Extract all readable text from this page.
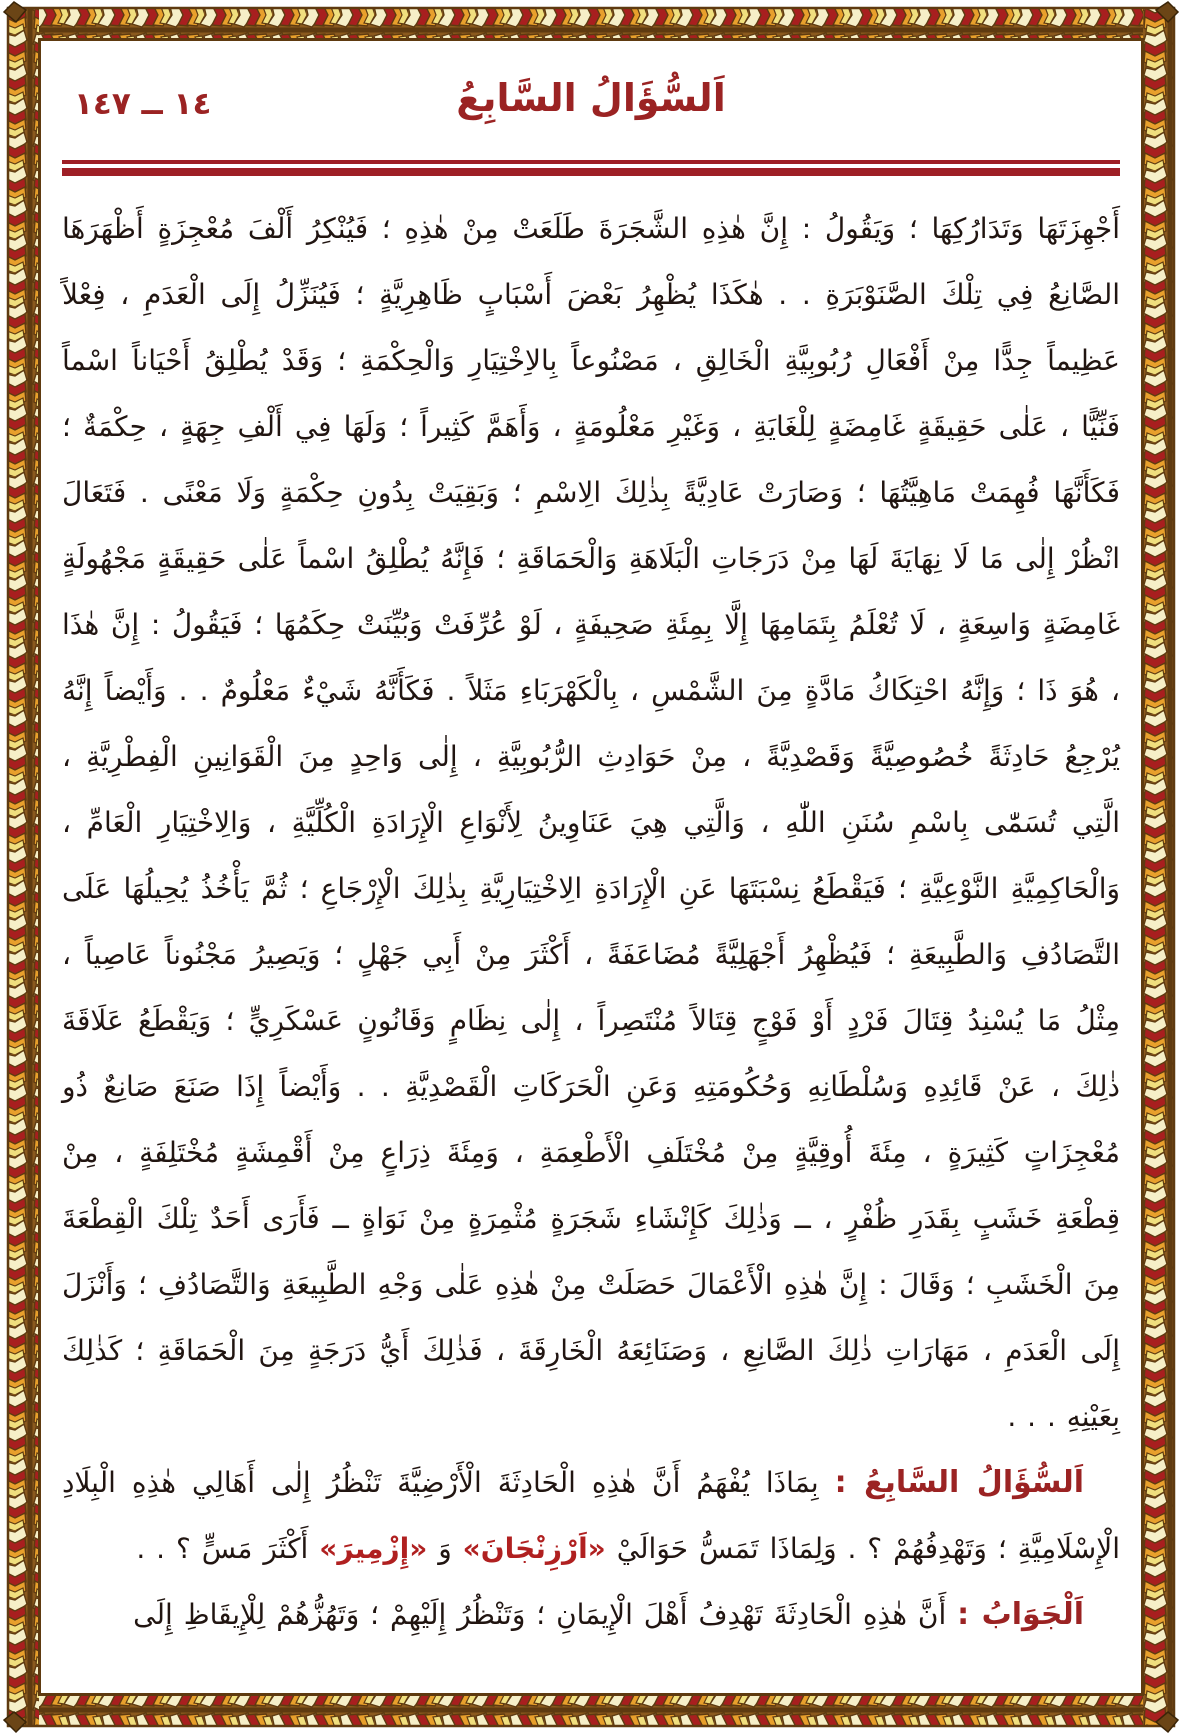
اَلسُّؤَالُ السَّابِعُ
١٤ ــ ١٤٧

أَجْهِزَتَهَا وَتَدَارُكِهَا ؛ وَيَقُولُ : إِنَّ هٰذِهِ الشَّجَرَةَ طَلَعَتْ مِنْ هٰذِهِ ؛ فَيُنْكِرُ أَلْفَ مُعْجِزَةٍ أَظْهَرَهَا الصَّانِعُ فِي تِلْكَ الصَّنَوْبَرَةِ . . هٰكَذَا يُظْهِرُ بَعْضَ أَسْبَابٍ ظَاهِرِيَّةٍ ؛ فَيُنَزِّلُ إِلَى الْعَدَمِ ، فِعْلاً عَظِيماً جِدًّا مِنْ أَفْعَالِ رُبُوبِيَّةِ الْخَالِقِ ، مَصْنُوعاً بِالاِخْتِيَارِ وَالْحِكْمَةِ ؛ وَقَدْ يُطْلِقُ أَحْيَاناً اسْماً فَنِّيًّا ، عَلٰى حَقِيقَةٍ غَامِضَةٍ لِلْغَايَةِ ، وَغَيْرِ مَعْلُومَةٍ ، وَأَهَمَّ كَثِيراً ؛ وَلَهَا فِي أَلْفِ جِهَةٍ ، حِكْمَةٌ ؛ فَكَأَنَّهَا فُهِمَتْ مَاهِيَّتُهَا ؛ وَصَارَتْ عَادِيَّةً بِذٰلِكَ الِاسْمِ ؛ وَبَقِيَتْ بِدُونِ حِكْمَةٍ وَلَا مَعْنًى . فَتَعَالَ انْظُرْ إِلٰى مَا لَا نِهَايَةَ لَهَا مِنْ دَرَجَاتِ الْبَلَاهَةِ وَالْحَمَاقَةِ ؛ فَإِنَّهُ يُطْلِقُ اسْماً عَلٰى حَقِيقَةٍ مَجْهُولَةٍ غَامِضَةٍ وَاسِعَةٍ ، لَا تُعْلَمُ بِتَمَامِهَا إِلَّا بِمِئَةِ صَحِيفَةٍ ، لَوْ عُرِّفَتْ وَبُيِّنَتْ حِكَمُهَا ؛ فَيَقُولُ : إِنَّ هٰذَا ، هُوَ ذَا ؛ وَإِنَّهُ احْتِكَاكُ مَادَّةٍ مِنَ الشَّمْسِ ، بِالْكَهْرَبَاءِ مَثَلاً . فَكَأَنَّهُ شَيْءٌ مَعْلُومٌ . . وَأَيْضاً إِنَّهُ يُرْجِعُ حَادِثَةً خُصُوصِيَّةً وَقَصْدِيَّةً ، مِنْ حَوَادِثِ الرُّبُوبِيَّةِ ، إِلٰى وَاحِدٍ مِنَ الْقَوَانِينِ الْفِطْرِيَّةِ ، الَّتِي تُسَمّٰى بِاسْمِ سُنَنِ اللّٰهِ ، وَالَّتِي هِيَ عَنَاوِينُ لِأَنْوَاعِ الْإِرَادَةِ الْكُلِّيَّةِ ، وَالِاخْتِيَارِ الْعَامِّ ، وَالْحَاكِمِيَّةِ النَّوْعِيَّةِ ؛ فَيَقْطَعُ نِسْبَتَهَا عَنِ الْإِرَادَةِ الِاخْتِيَارِيَّةِ بِذٰلِكَ الْإِرْجَاعِ ؛ ثُمَّ يَأْخُذُ يُحِيلُهَا عَلَى التَّصَادُفِ وَالطَّبِيعَةِ ؛ فَيُظْهِرُ أَجْهَلِيَّةً مُضَاعَفَةً ، أَكْثَرَ مِنْ أَبِي جَهْلٍ ؛ وَيَصِيرُ مَجْنُوناً عَاصِياً ، مِثْلُ مَا يُسْنِدُ قِتَالَ فَرْدٍ أَوْ فَوْجٍ قِتَالاً مُنْتَصِراً ، إِلٰى نِظَامٍ وَقَانُونٍ عَسْكَرِيٍّ ؛ وَيَقْطَعُ عَلَاقَةَ ذٰلِكَ ، عَنْ قَائِدِهِ وَسُلْطَانِهِ وَحُكُومَتِهِ وَعَنِ الْحَرَكَاتِ الْقَصْدِيَّةِ . . وَأَيْضاً إِذَا صَنَعَ صَانِعٌ ذُو مُعْجِزَاتٍ كَثِيرَةٍ ، مِئَةَ أُوقِيَّةٍ مِنْ مُخْتَلَفِ الْأَطْعِمَةِ ، وَمِئَةَ ذِرَاعٍ مِنْ أَقْمِشَةٍ مُخْتَلِفَةٍ ، مِنْ قِطْعَةِ خَشَبٍ بِقَدَرِ ظُفْرٍ ، ــ وَذٰلِكَ كَإِنْشَاءِ شَجَرَةٍ مُثْمِرَةٍ مِنْ نَوَاةٍ ــ فَأَرَى أَحَدٌ تِلْكَ الْقِطْعَةَ مِنَ الْخَشَبِ ؛ وَقَالَ : إِنَّ هٰذِهِ الْأَعْمَالَ حَصَلَتْ مِنْ هٰذِهِ عَلٰى وَجْهِ الطَّبِيعَةِ وَالتَّصَادُفِ ؛ وَأَنْزَلَ إِلَى الْعَدَمِ ، مَهَارَاتِ ذٰلِكَ الصَّانِعِ ، وَصَنَائِعَهُ الْخَارِقَةَ ، فَذٰلِكَ أَيُّ دَرَجَةٍ مِنَ الْحَمَاقَةِ ؛ كَذٰلِكَ بِعَيْنِهِ . . .

اَلسُّؤَالُ السَّابِعُ : بِمَاذَا يُفْهَمُ أَنَّ هٰذِهِ الْحَادِثَةَ الْأَرْضِيَّةَ تَنْظُرُ إِلٰى أَهَالِي هٰذِهِ الْبِلَادِ الْإِسْلَامِيَّةِ ؛ وَتَهْدِفُهُمْ ؟ . وَلِمَاذَا تَمَسُّ حَوَالَيْ «اَرْزِنْجَانَ» وَ «إِزْمِيرَ» أَكْثَرَ مَسٍّ ؟ . .

اَلْجَوَابُ : أَنَّ هٰذِهِ الْحَادِثَةَ تَهْدِفُ أَهْلَ الْإِيمَانِ ؛ وَتَنْظُرُ إِلَيْهِمْ ؛ وَتَهُزُّهُمْ لِلْإِيقَاظِ إِلَى
